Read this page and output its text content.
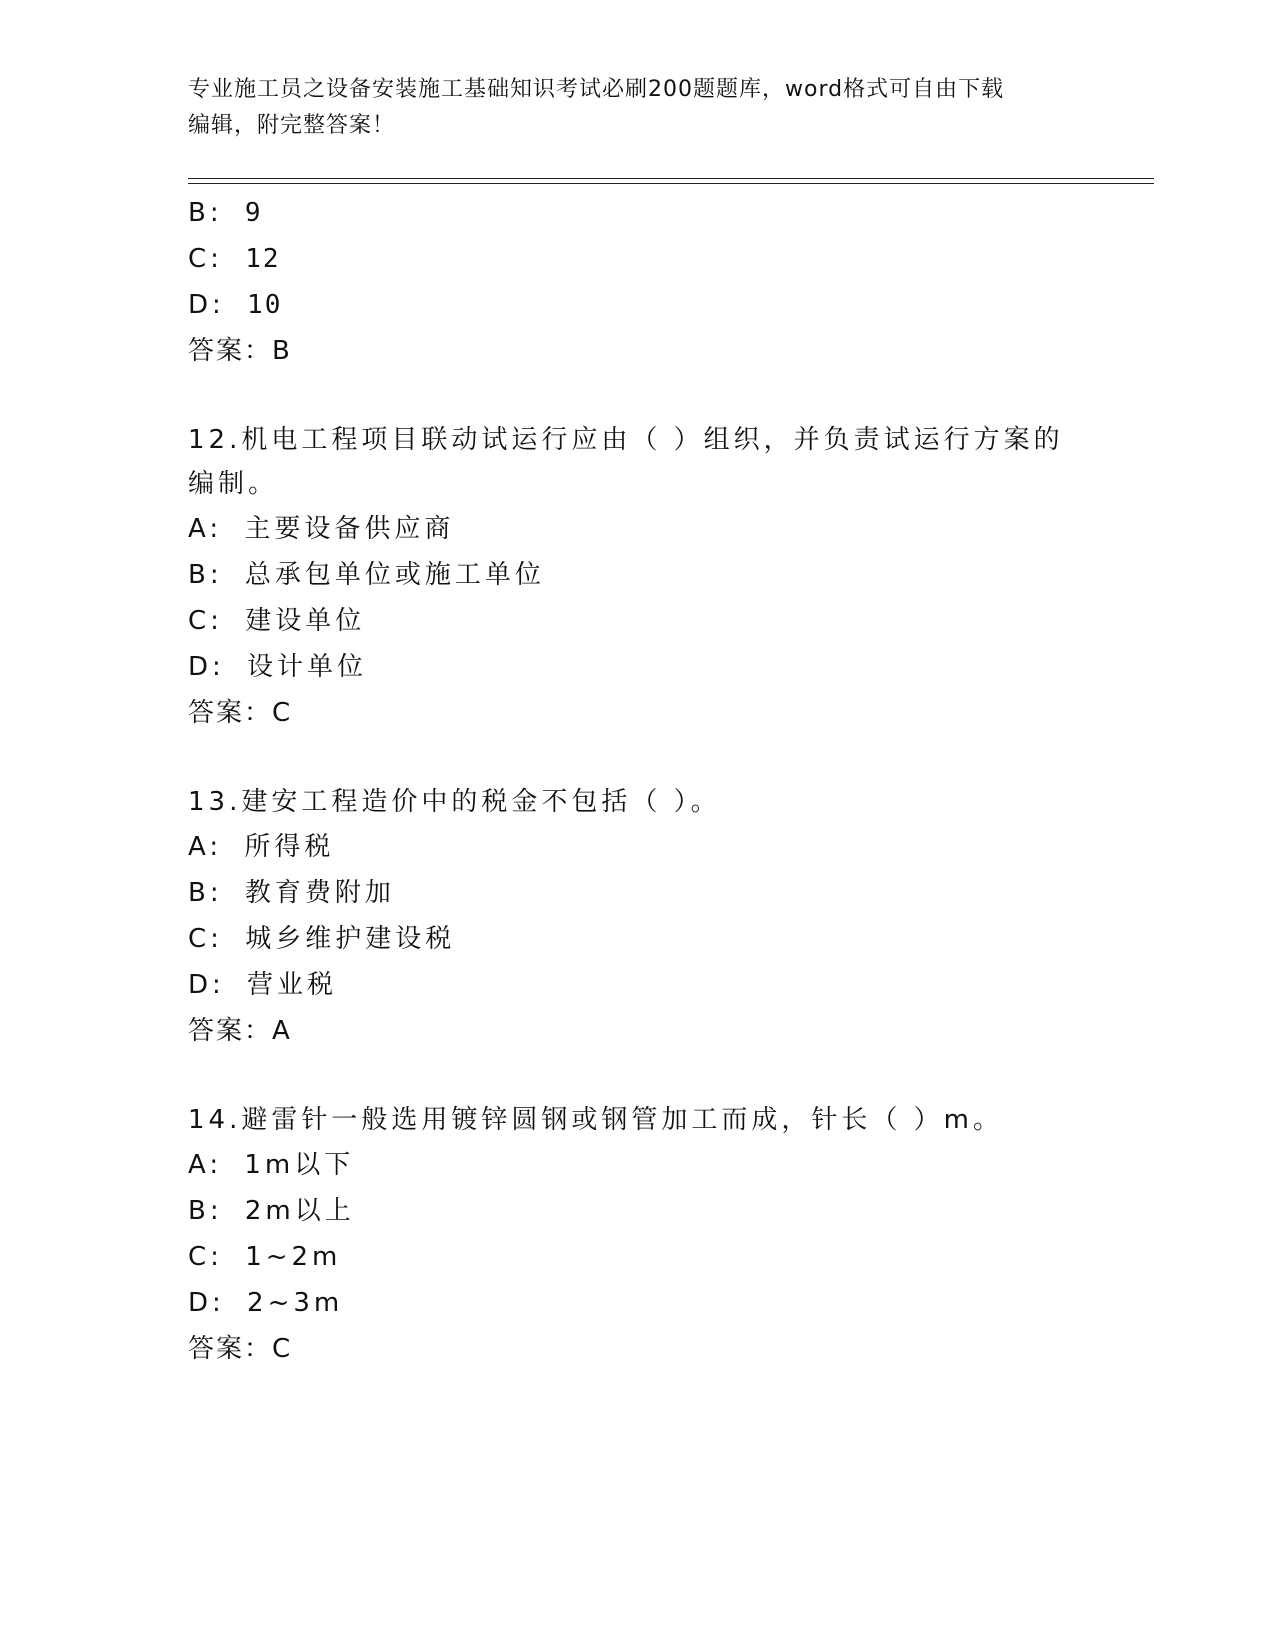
专业施工员之设备安装施工基础知识考试必刷200题题库，word格式可自由下载
编辑，附完整答案！
B: 9
C: 12
D: 10
答案：B
12.机电工程项目联动试运行应由（ ）组织，并负责试运行方案的编制。
A: 主要设备供应商
B: 总承包单位或施工单位
C: 建设单位
D: 设计单位
答案：C
13.建安工程造价中的税金不包括（ ）。
A: 所得税
B: 教育费附加
C: 城乡维护建设税
D: 营业税
答案：A
14.避雷针一般选用镀锌圆钢或钢管加工而成，针长（ ）m。
A: 1m以下
B: 2m以上
C: 1~2m
D: 2~3m
答案：C
